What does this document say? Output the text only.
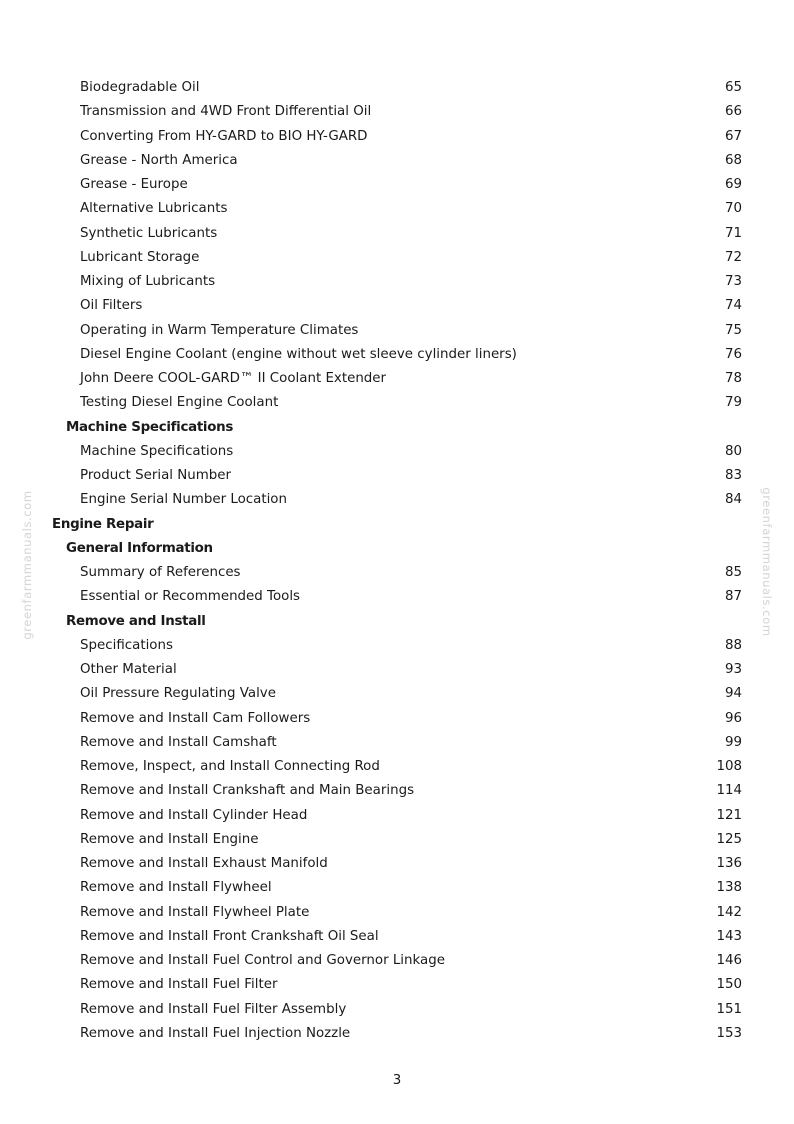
greenfarmmanuals.com	greenfarmmanuals.com
Biodegradable Oil	65
Transmission and 4WD Front Differential Oil	66
Converting From HY-GARD to BIO HY-GARD	67
Grease - North America	68
Grease - Europe	69
Alternative Lubricants	70
Synthetic Lubricants	71
Lubricant Storage	72
Mixing of Lubricants	73
Oil Filters	74
Operating in Warm Temperature Climates	75
Diesel Engine Coolant (engine without wet sleeve cylinder liners)	76
John Deere COOL-GARD™ II Coolant Extender	78
Testing Diesel Engine Coolant	79
Machine Specifications
Machine Specifications	80
Product Serial Number	83
Engine Serial Number Location	84
Engine Repair
General Information
Summary of References	85
Essential or Recommended Tools	87
Remove and Install
Specifications	88
Other Material	93
Oil Pressure Regulating Valve	94
Remove and Install Cam Followers	96
Remove and Install Camshaft	99
Remove, Inspect, and Install Connecting Rod	108
Remove and Install Crankshaft and Main Bearings	114
Remove and Install Cylinder Head	121
Remove and Install Engine	125
Remove and Install Exhaust Manifold	136
Remove and Install Flywheel	138
Remove and Install Flywheel Plate	142
Remove and Install Front Crankshaft Oil Seal	143
Remove and Install Fuel Control and Governor Linkage	146
Remove and Install Fuel Filter	150
Remove and Install Fuel Filter Assembly	151
Remove and Install Fuel Injection Nozzle	153
3
